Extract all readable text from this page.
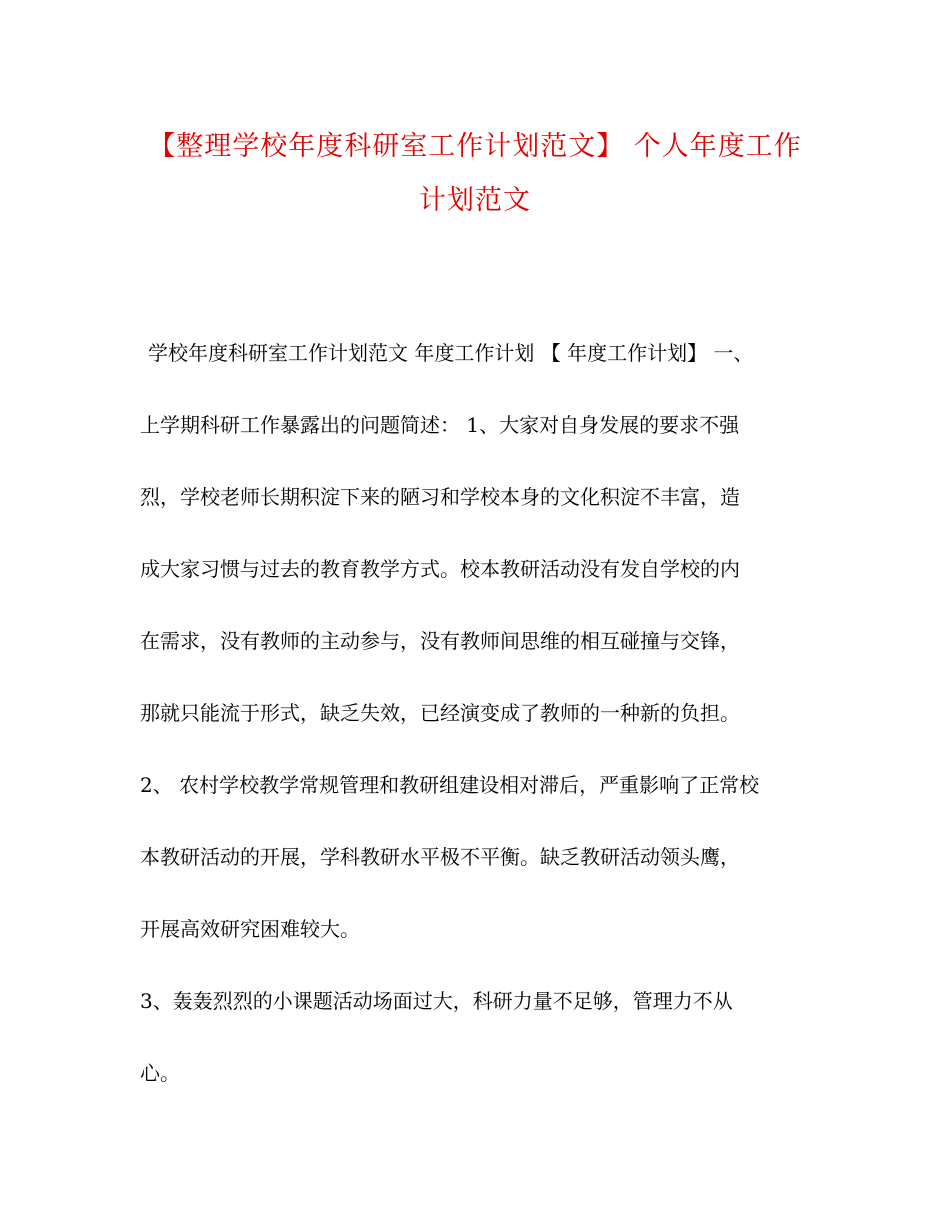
【整理学校年度科研室工作计划范文】 个人年度工作
计划范文

学校年度科研室工作计划范文 年度工作计划 【 年度工作计划】 一、

上学期科研工作暴露出的问题简述： 1、大家对自身发展的要求不强

烈，学校老师长期积淀下来的陋习和学校本身的文化积淀不丰富，造

成大家习惯与过去的教育教学方式。校本教研活动没有发自学校的内

在需求，没有教师的主动参与，没有教师间思维的相互碰撞与交锋，

那就只能流于形式，缺乏失效，已经演变成了教师的一种新的负担。

2、 农村学校教学常规管理和教研组建设相对滞后，严重影响了正常校

本教研活动的开展，学科教研水平极不平衡。缺乏教研活动领头鹰，

开展高效研究困难较大。

3、轰轰烈烈的小课题活动场面过大，科研力量不足够，管理力不从

心。
